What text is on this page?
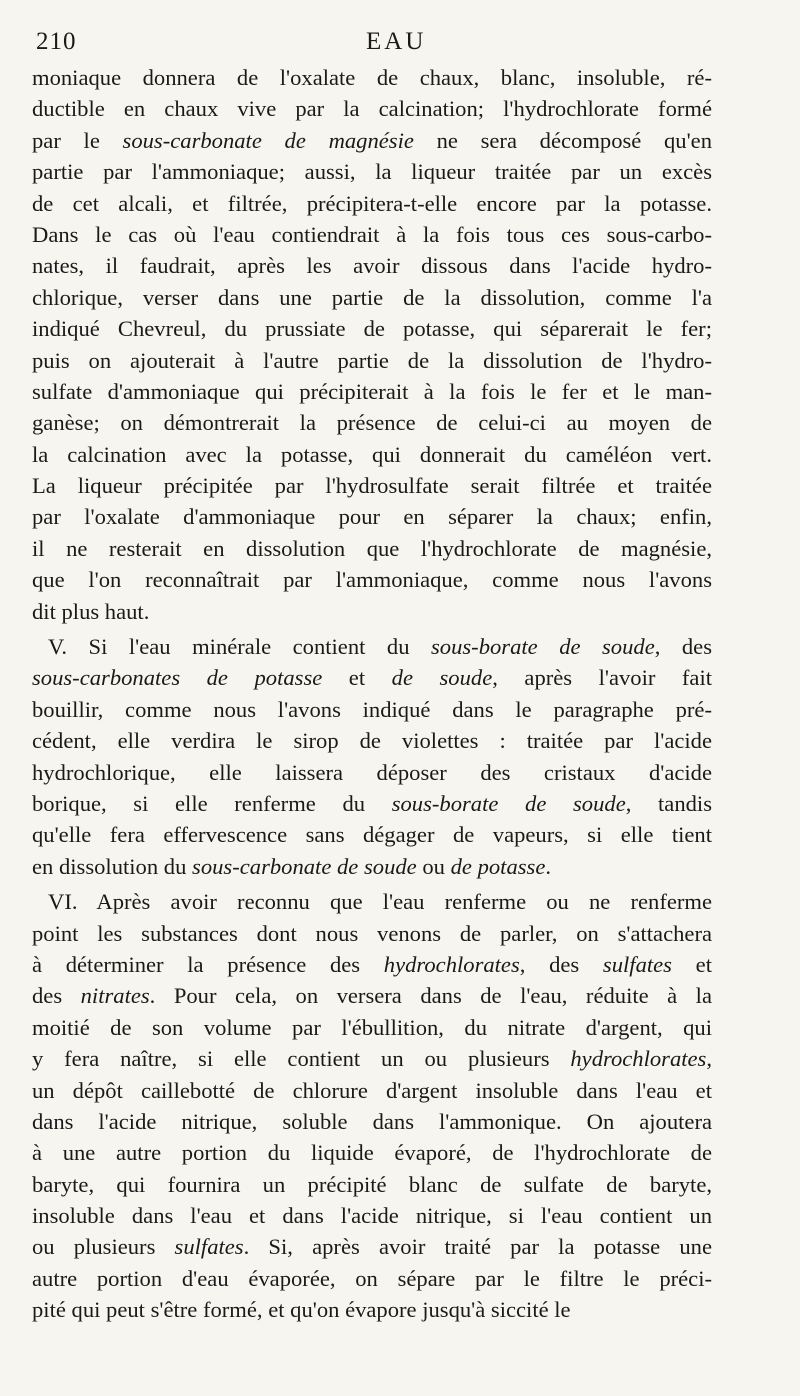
210	EAU
moniaque donnera de l'oxalate de chaux, blanc, insoluble, ré-
ductible en chaux vive par la calcination; l'hydrochlorate formé
par le sous-carbonate de magnésie ne sera décomposé qu'en
partie par l'ammoniaque; aussi, la liqueur traitée par un excès
de cet alcali, et filtrée, précipitera-t-elle encore par la potasse.
Dans le cas où l'eau contiendrait à la fois tous ces sous-carbo-
nates, il faudrait, après les avoir dissous dans l'acide hydro-
chlorique, verser dans une partie de la dissolution, comme l'a
indiqué Chevreul, du prussiate de potasse, qui séparerait le fer;
puis on ajouterait à l'autre partie de la dissolution de l'hydro-
sulfate d'ammoniaque qui précipiterait à la fois le fer et le man-
ganèse; on démontrerait la présence de celui-ci au moyen de
la calcination avec la potasse, qui donnerait du caméléon vert.
La liqueur précipitée par l'hydrosulfate serait filtrée et traitée
par l'oxalate d'ammoniaque pour en séparer la chaux; enfin,
il ne resterait en dissolution que l'hydrochlorate de magnésie,
que l'on reconnaîtrait par l'ammoniaque, comme nous l'avons
dit plus haut.
V. Si l'eau minérale contient du sous-borate de soude, des
sous-carbonates de potasse et de soude, après l'avoir fait
bouillir, comme nous l'avons indiqué dans le paragraphe pré-
cédent, elle verdira le sirop de violettes : traitée par l'acide
hydrochlorique, elle laissera déposer des cristaux d'acide
borique, si elle renferme du sous-borate de soude, tandis
qu'elle fera effervescence sans dégager de vapeurs, si elle tient
en dissolution du sous-carbonate de soude ou de potasse.
VI. Après avoir reconnu que l'eau renferme ou ne renferme
point les substances dont nous venons de parler, on s'attachera
à déterminer la présence des hydrochlorates, des sulfates et
des nitrates. Pour cela, on versera dans de l'eau, réduite à la
moitié de son volume par l'ébullition, du nitrate d'argent, qui
y fera naître, si elle contient un ou plusieurs hydrochlorates,
un dépôt caillebotté de chlorure d'argent insoluble dans l'eau et
dans l'acide nitrique, soluble dans l'ammonique. On ajoutera
à une autre portion du liquide évaporé, de l'hydrochlorate de
baryte, qui fournira un précipité blanc de sulfate de baryte,
insoluble dans l'eau et dans l'acide nitrique, si l'eau contient un
ou plusieurs sulfates. Si, après avoir traité par la potasse une
autre portion d'eau évaporée, on sépare par le filtre le préci-
pité qui peut s'être formé, et qu'on évapore jusqu'à siccité le
